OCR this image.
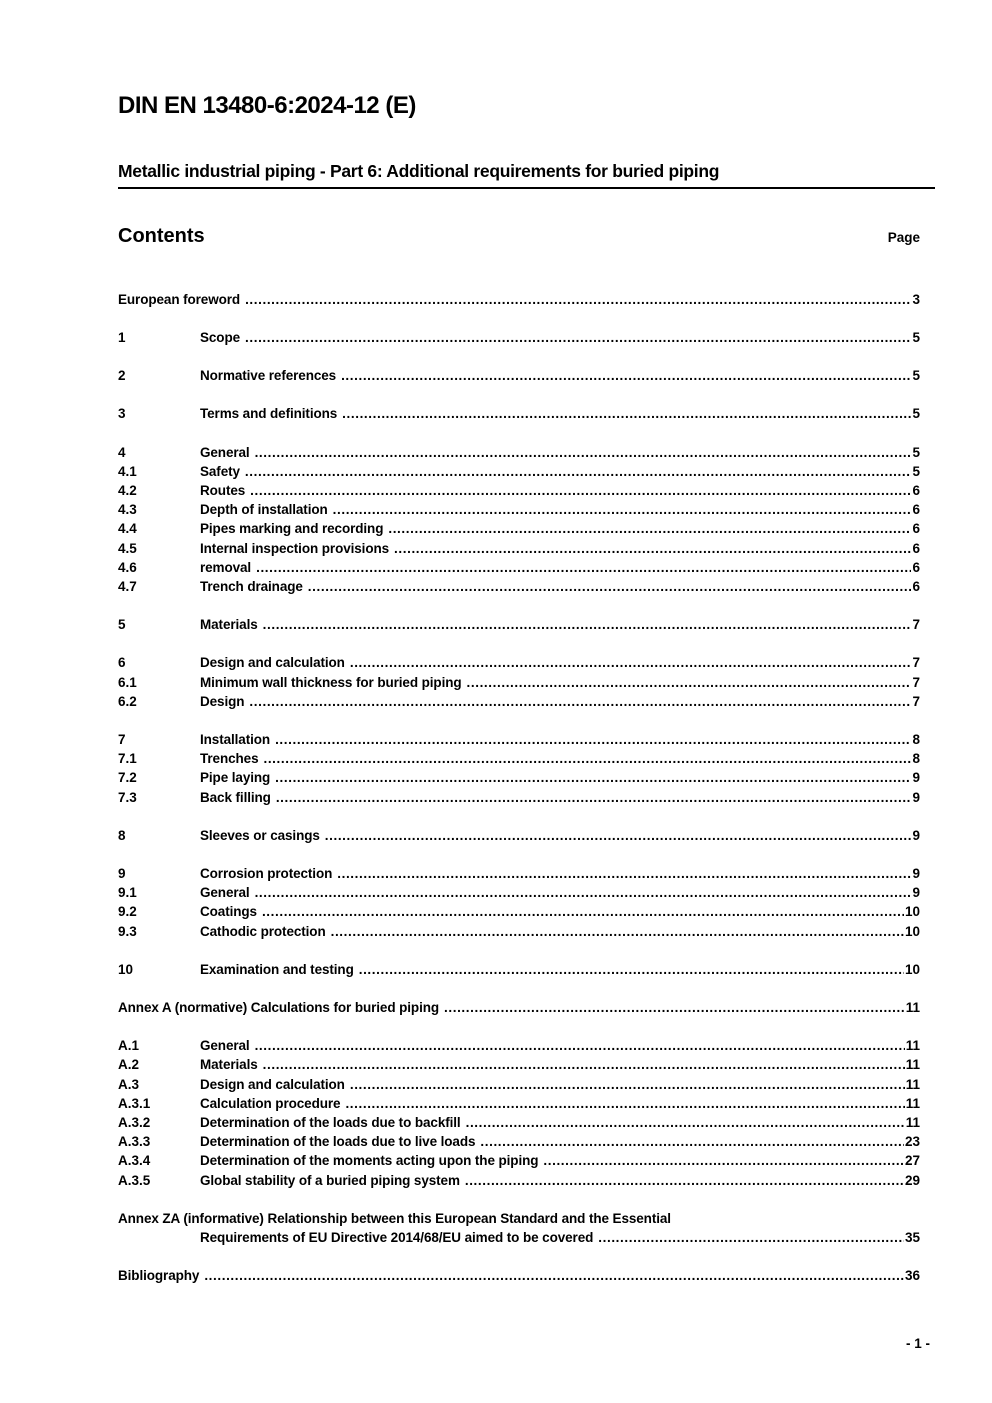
DIN EN 13480-6:2024-12 (E)
Metallic industrial piping - Part 6: Additional requirements for buried piping
Contents	Page
European foreword .....	3
1	Scope .....	5
2	Normative references .....	5
3	Terms and definitions .....	5
4	General .....	5
4.1	Safety .....	5
4.2	Routes .....	6
4.3	Depth of installation .....	6
4.4	Pipes marking and recording .....	6
4.5	Internal inspection provisions .....	6
4.6	removal .....	6
4.7	Trench drainage .....	6
5	Materials .....	7
6	Design and calculation .....	7
6.1	Minimum wall thickness for buried piping .....	7
6.2	Design .....	7
7	Installation .....	8
7.1	Trenches .....	8
7.2	Pipe laying .....	9
7.3	Back filling .....	9
8	Sleeves or casings .....	9
9	Corrosion protection .....	9
9.1	General .....	9
9.2	Coatings .....	10
9.3	Cathodic protection .....	10
10	Examination and testing .....	10
Annex A (normative) Calculations for buried piping .....	11
A.1	General .....	11
A.2	Materials .....	11
A.3	Design and calculation .....	11
A.3.1	Calculation procedure .....	11
A.3.2	Determination of the loads due to backfill .....	11
A.3.3	Determination of the loads due to live loads .....	23
A.3.4	Determination of the moments acting upon the piping .....	27
A.3.5	Global stability of a buried piping system .....	29
Annex ZA (informative) Relationship between this European Standard and the Essential
Requirements of EU Directive 2014/68/EU aimed to be covered .....	35
Bibliography .....	36
- 1 -
